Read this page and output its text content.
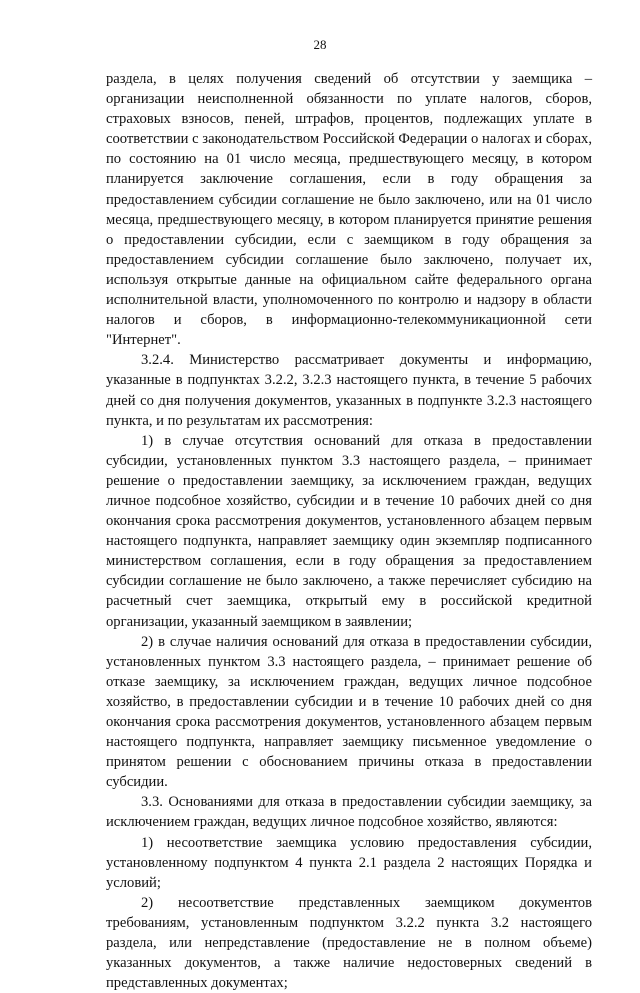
28

раздела, в целях получения сведений об отсутствии у заемщика – организации неисполненной обязанности по уплате налогов, сборов, страховых взносов, пеней, штрафов, процентов, подлежащих уплате в соответствии с законодательством Российской Федерации о налогах и сборах, по состоянию на 01 число месяца, предшествующего месяцу, в котором планируется заключение соглашения, если в году обращения за предоставлением субсидии соглашение не было заключено, или на 01 число месяца, предшествующего месяцу, в котором планируется принятие решения о предоставлении субсидии, если с заемщиком в году обращения за предоставлением субсидии соглашение было заключено, получает их, используя открытые данные на официальном сайте федерального органа исполнительной власти, уполномоченного по контролю и надзору в области налогов и сборов, в информационно-телекоммуникационной сети "Интернет".

3.2.4. Министерство рассматривает документы и информацию, указанные в подпунктах 3.2.2, 3.2.3 настоящего пункта, в течение 5 рабочих дней со дня получения документов, указанных в подпункте 3.2.3 настоящего пункта, и по результатам их рассмотрения:

1) в случае отсутствия оснований для отказа в предоставлении субсидии, установленных пунктом 3.3 настоящего раздела, – принимает решение о предоставлении заемщику, за исключением граждан, ведущих личное подсобное хозяйство, субсидии и в течение 10 рабочих дней со дня окончания срока рассмотрения документов, установленного абзацем первым настоящего подпункта, направляет заемщику один экземпляр подписанного министерством соглашения, если в году обращения за предоставлением субсидии соглашение не было заключено, а также перечисляет субсидию на расчетный счет заемщика, открытый ему в российской кредитной организации, указанный заемщиком в заявлении;

2) в случае наличия оснований для отказа в предоставлении субсидии, установленных пунктом 3.3 настоящего раздела, – принимает решение об отказе заемщику, за исключением граждан, ведущих личное подсобное хозяйство, в предоставлении субсидии и в течение 10 рабочих дней со дня окончания срока рассмотрения документов, установленного абзацем первым настоящего подпункта, направляет заемщику письменное уведомление о принятом решении с обоснованием причины отказа в предоставлении субсидии.

3.3. Основаниями для отказа в предоставлении субсидии заемщику, за исключением граждан, ведущих личное подсобное хозяйство, являются:

1) несоответствие заемщика условию предоставления субсидии, установленному подпунктом 4 пункта 2.1 раздела 2 настоящих Порядка и условий;

2) несоответствие представленных заемщиком документов требованиям, установленным подпунктом 3.2.2 пункта 3.2 настоящего раздела, или непредставление (предоставление не в полном объеме) указанных документов, а также наличие недостоверных сведений в представленных документах;
